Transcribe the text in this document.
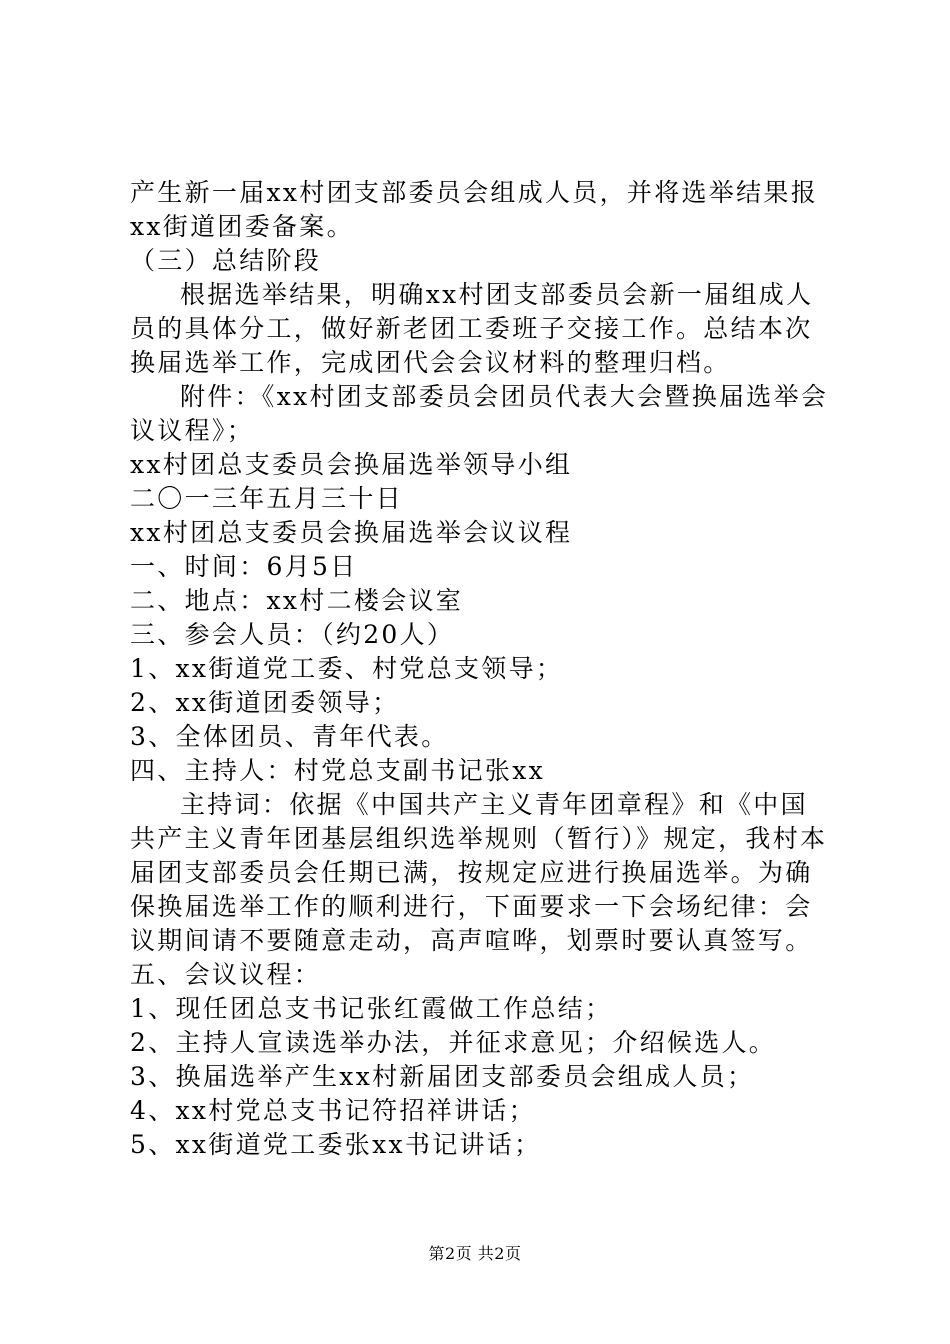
产生新一届xx村团支部委员会组成人员，并将选举结果报xx街道团委备案。

（三）总结阶段

根据选举结果，明确xx村团支部委员会新一届组成人员的具体分工，做好新老团工委班子交接工作。总结本次换届选举工作，完成团代会会议材料的整理归档。

附件：《xx村团支部委员会团员代表大会暨换届选举会议议程》；

xx村团总支委员会换届选举领导小组

二〇一三年五月三十日

xx村团总支委员会换届选举会议议程

一、时间：6月5日

二、地点：xx村二楼会议室

三、参会人员：（约20人）

1、xx街道党工委、村党总支领导；

2、xx街道团委领导；

3、全体团员、青年代表。

四、主持人：村党总支副书记张xx

主持词：依据《中国共产主义青年团章程》和《中国共产主义青年团基层组织选举规则（暂行）》规定，我村本届团支部委员会任期已满，按规定应进行换届选举。为确保换届选举工作的顺利进行，下面要求一下会场纪律：会议期间请不要随意走动，高声喧哗，划票时要认真签写。

五、会议议程：

1、现任团总支书记张红霞做工作总结；

2、主持人宣读选举办法，并征求意见；介绍候选人。

3、换届选举产生xx村新届团支部委员会组成人员；

4、xx村党总支书记符招祥讲话；

5、xx街道党工委张xx书记讲话；

第2页 共2页
